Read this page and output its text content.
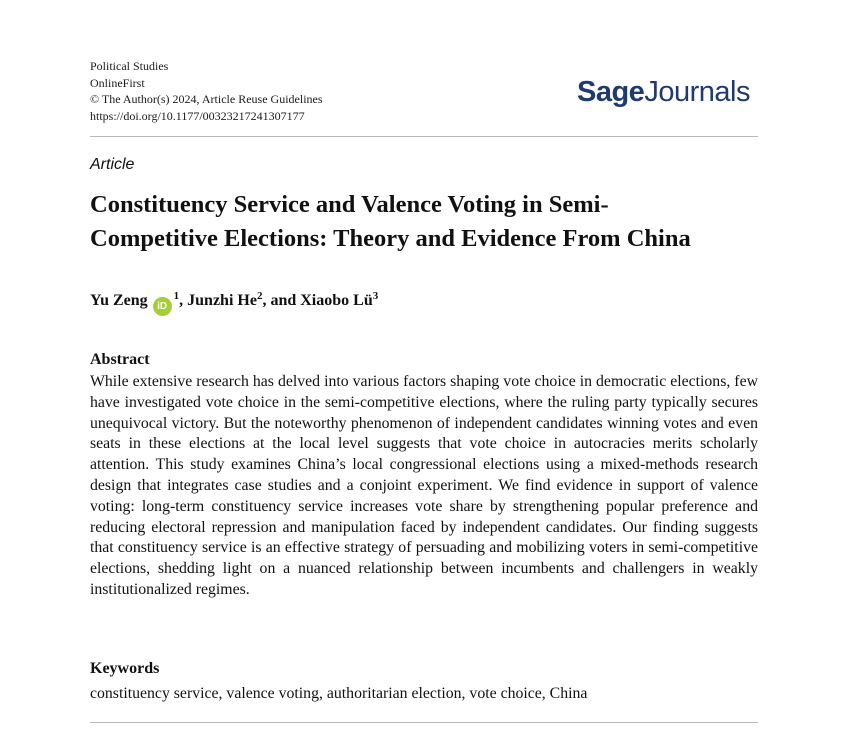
Political Studies
OnlineFirst
© The Author(s) 2024, Article Reuse Guidelines
https://doi.org/10.1177/00323217241307177
SageJournals
Article
Constituency Service and Valence Voting in Semi-
Competitive Elections: Theory and Evidence From China
Yu Zeng $iD^1$, Junzhi He$^2$, and Xiaobo $Lü^3$
Abstract
While extensive research has delved into various factors shaping vote choice in democratic elections, few have investigated vote choice in the semi-competitive elections, where the ruling party typically secures unequivocal victory. But the noteworthy phenomenon of independent candidates winning votes and even seats in these elections at the local level suggests that vote choice in autocracies merits scholarly attention. This study examines China’s local congressional elections using a mixed-methods research design that integrates case studies and a conjoint experiment. We find evidence in support of valence voting: long-term constituency service increases vote share by strengthening popular preference and reducing electoral repression and manipulation faced by independent candidates. Our finding suggests that constituency service is an effective strategy of persuading and mobilizing voters in semi-competitive elections, shedding light on a nuanced relationship between incumbents and challengers in weakly institutionalized regimes.
Keywords
constituency service, valence voting, authoritarian election, vote choice, China
